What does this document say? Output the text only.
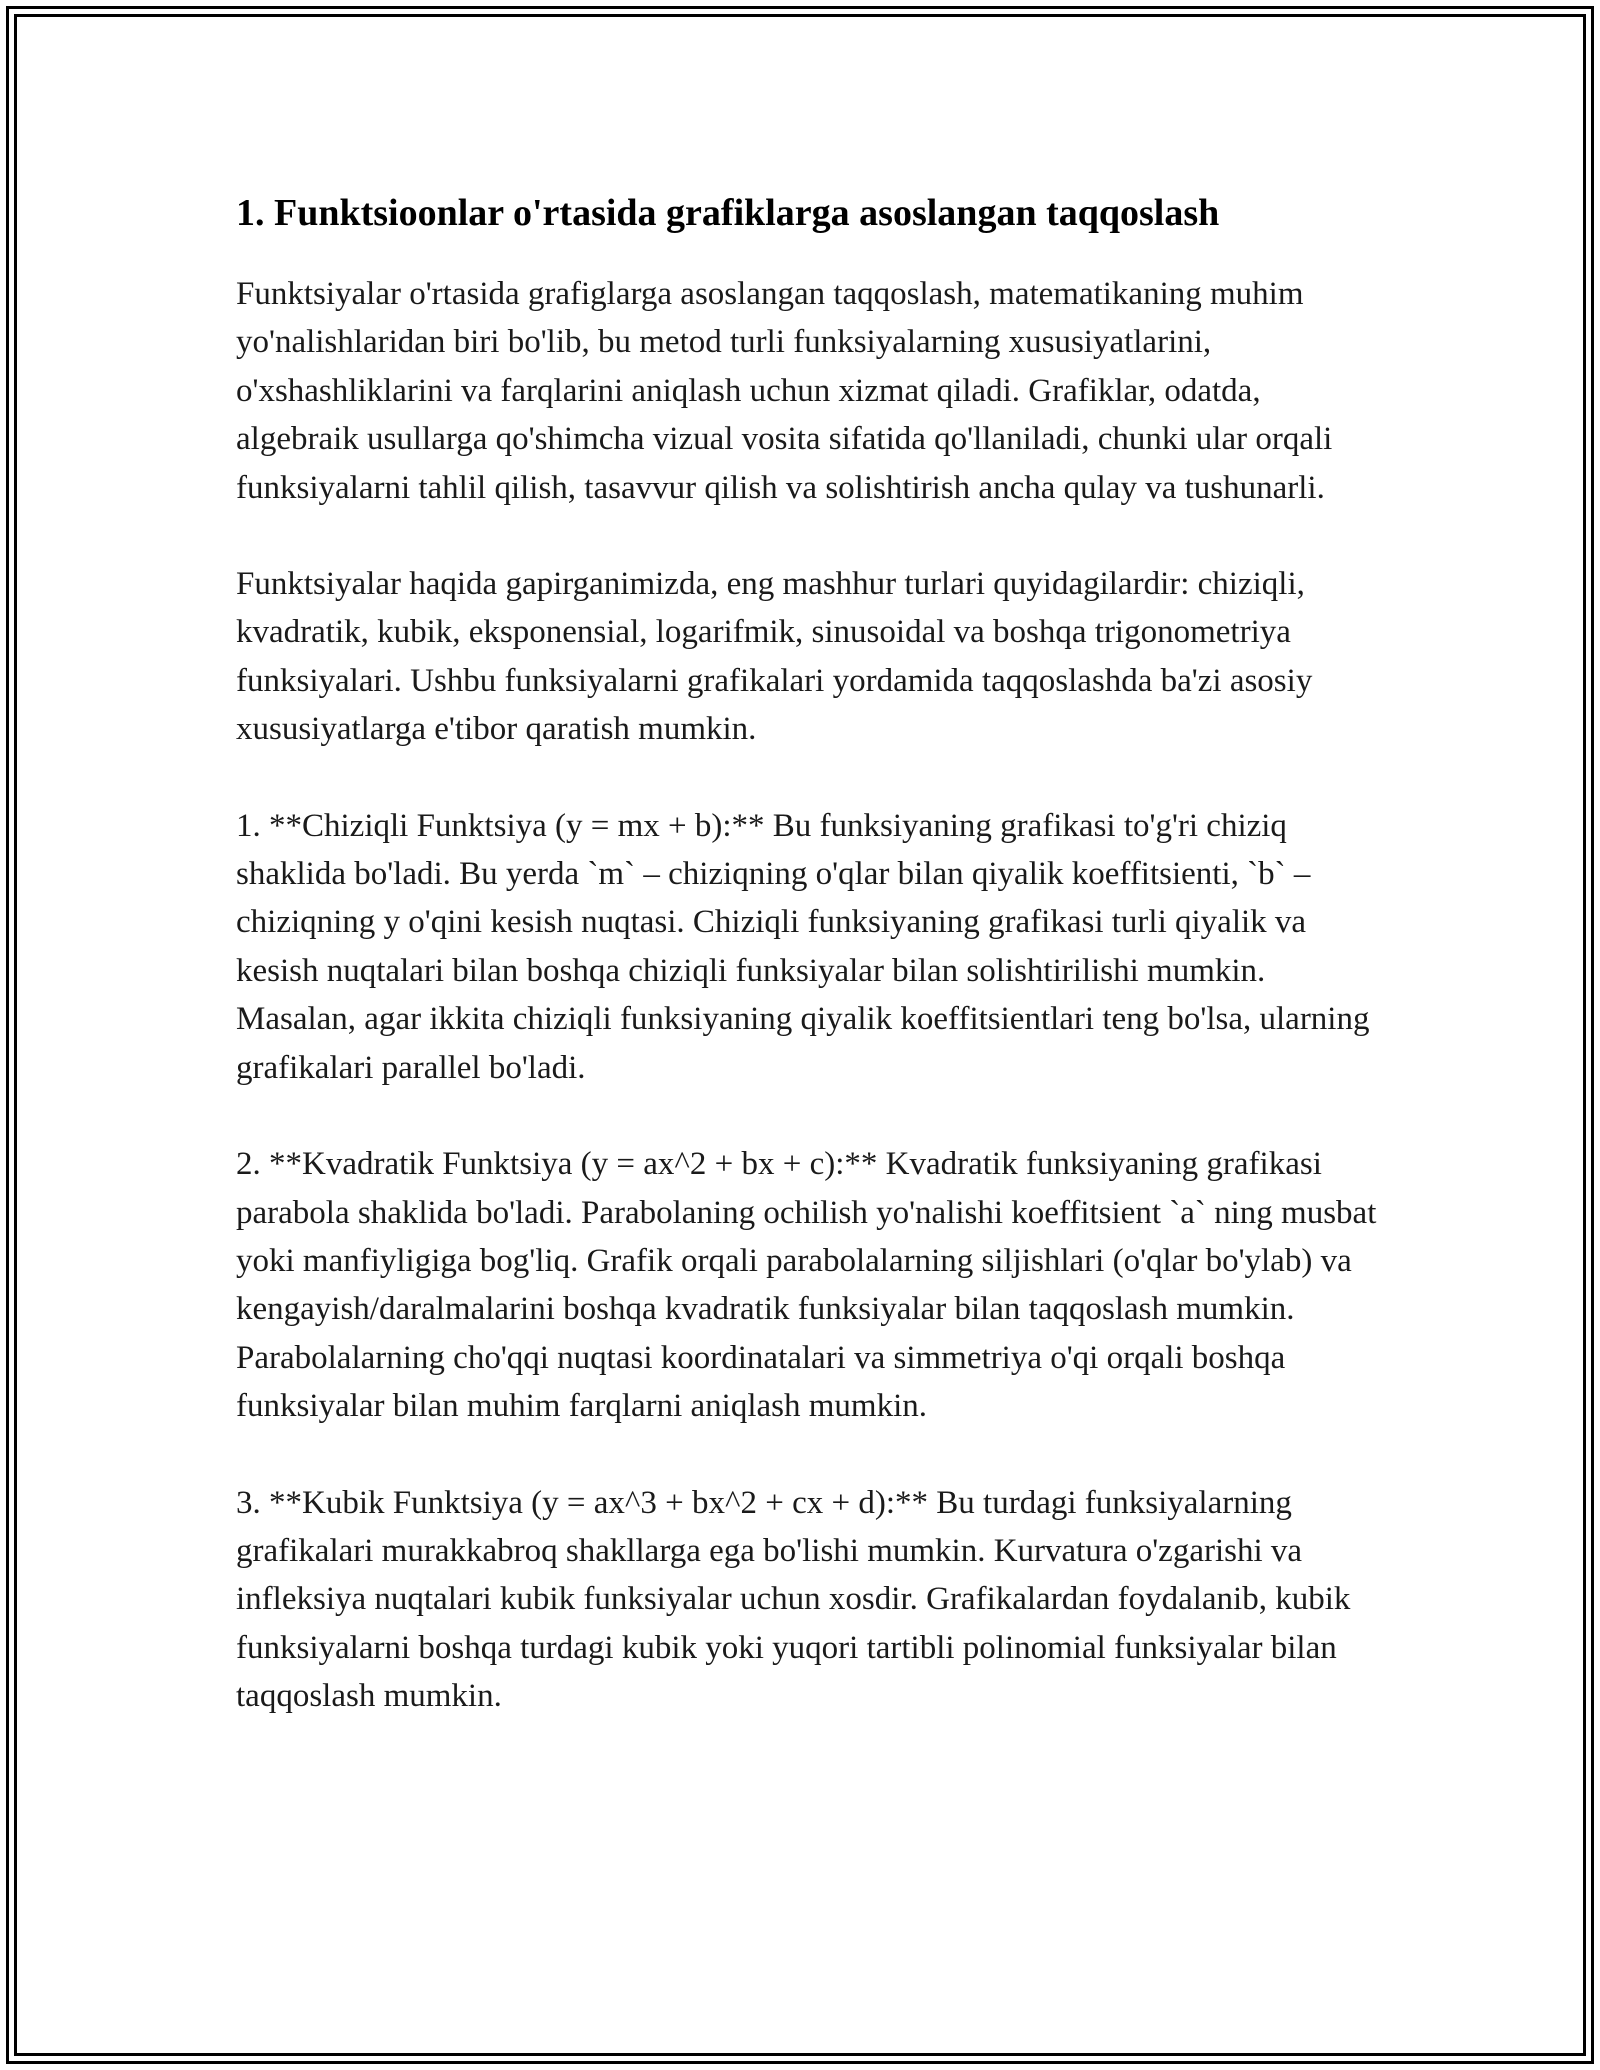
1. Funktsioonlar o'rtasida grafiklarga asoslangan taqqoslash

Funktsiyalar o'rtasida grafiglarga asoslangan taqqoslash, matematikaning muhim yo'nalishlaridan biri bo'lib, bu metod turli funksiyalarning xususiyatlarini, o'xshashliklarini va farqlarini aniqlash uchun xizmat qiladi. Grafiklar, odatda, algebraik usullarga qo'shimcha vizual vosita sifatida qo'llaniladi, chunki ular orqali funksiyalarni tahlil qilish, tasavvur qilish va solishtirish ancha qulay va tushunarli.

Funktsiyalar haqida gapirganimizda, eng mashhur turlari quyidagilardir: chiziqli, kvadratik, kubik, eksponensial, logarifmik, sinusoidal va boshqa trigonometriya funksiyalari. Ushbu funksiyalarni grafikalari yordamida taqqoslashda ba'zi asosiy xususiyatlarga e'tibor qaratish mumkin.

1. **Chiziqli Funktsiya (y = mx + b):** Bu funksiyaning grafikasi to'g'ri chiziq shaklida bo'ladi. Bu yerda `m` – chiziqning o'qlar bilan qiyalik koeffitsienti, `b` – chiziqning y o'qini kesish nuqtasi. Chiziqli funksiyaning grafikasi turli qiyalik va kesish nuqtalari bilan boshqa chiziqli funksiyalar bilan solishtirilishi mumkin. Masalan, agar ikkita chiziqli funksiyaning qiyalik koeffitsientlari teng bo'lsa, ularning grafikalari parallel bo'ladi.

2. **Kvadratik Funktsiya (y = ax^2 + bx + c):** Kvadratik funksiyaning grafikasi parabola shaklida bo'ladi. Parabolaning ochilish yo'nalishi koeffitsient `a` ning musbat yoki manfiyligiga bog'liq. Grafik orqali parabolalarning siljishlari (o'qlar bo'ylab) va kengayish/daralmalarini boshqa kvadratik funksiyalar bilan taqqoslash mumkin. Parabolalarning cho'qqi nuqtasi koordinatalari va simmetriya o'qi orqali boshqa funksiyalar bilan muhim farqlarni aniqlash mumkin.

3. **Kubik Funktsiya (y = ax^3 + bx^2 + cx + d):** Bu turdagi funksiyalarning grafikalari murakkabroq shakllarga ega bo'lishi mumkin. Kurvatura o'zgarishi va infleksiya nuqtalari kubik funksiyalar uchun xosdir. Grafikalardan foydalanib, kubik funksiyalarni boshqa turdagi kubik yoki yuqori tartibli polinomial funksiyalar bilan taqqoslash mumkin.
